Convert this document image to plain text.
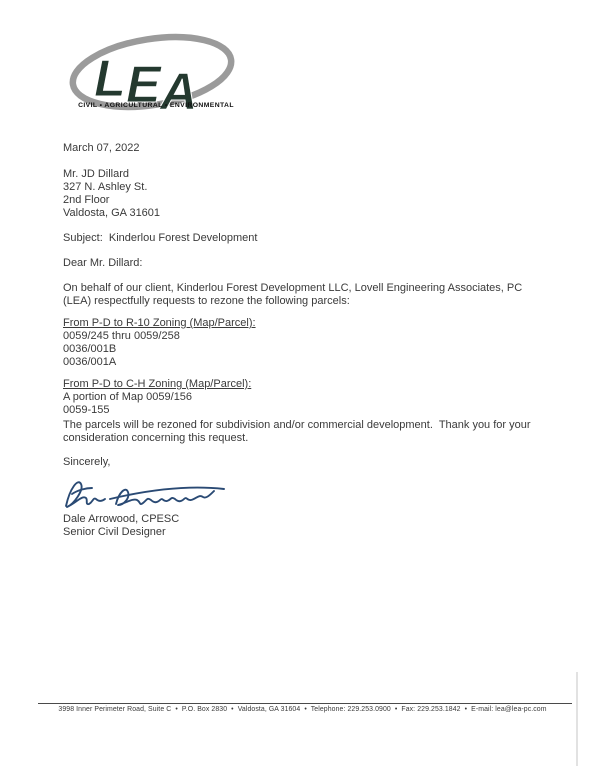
L E A
CIVIL • AGRICULTURAL • ENVIRONMENTAL
March 07, 2022
Mr. JD Dillard
327 N. Ashley St.
2nd Floor
Valdosta, GA 31601
Subject:  Kinderlou Forest Development
Dear Mr. Dillard:
On behalf of our client, Kinderlou Forest Development LLC, Lovell Engineering Associates, PC
(LEA) respectfully requests to rezone the following parcels:
From P-D to R-10 Zoning (Map/Parcel):
0059/245 thru 0059/258
0036/001B
0036/001A
From P-D to C-H Zoning (Map/Parcel):
A portion of Map 0059/156
0059-155
The parcels will be rezoned for subdivision and/or commercial development.  Thank you for your
consideration concerning this request.
Sincerely,
Dale Arrowood, CPESC
Senior Civil Designer
3998 Inner Perimeter Road, Suite C  •  P.O. Box 2830  •  Valdosta, GA 31604  •  Telephone: 229.253.0900  •  Fax: 229.253.1842  •  E-mail: lea@lea-pc.com
